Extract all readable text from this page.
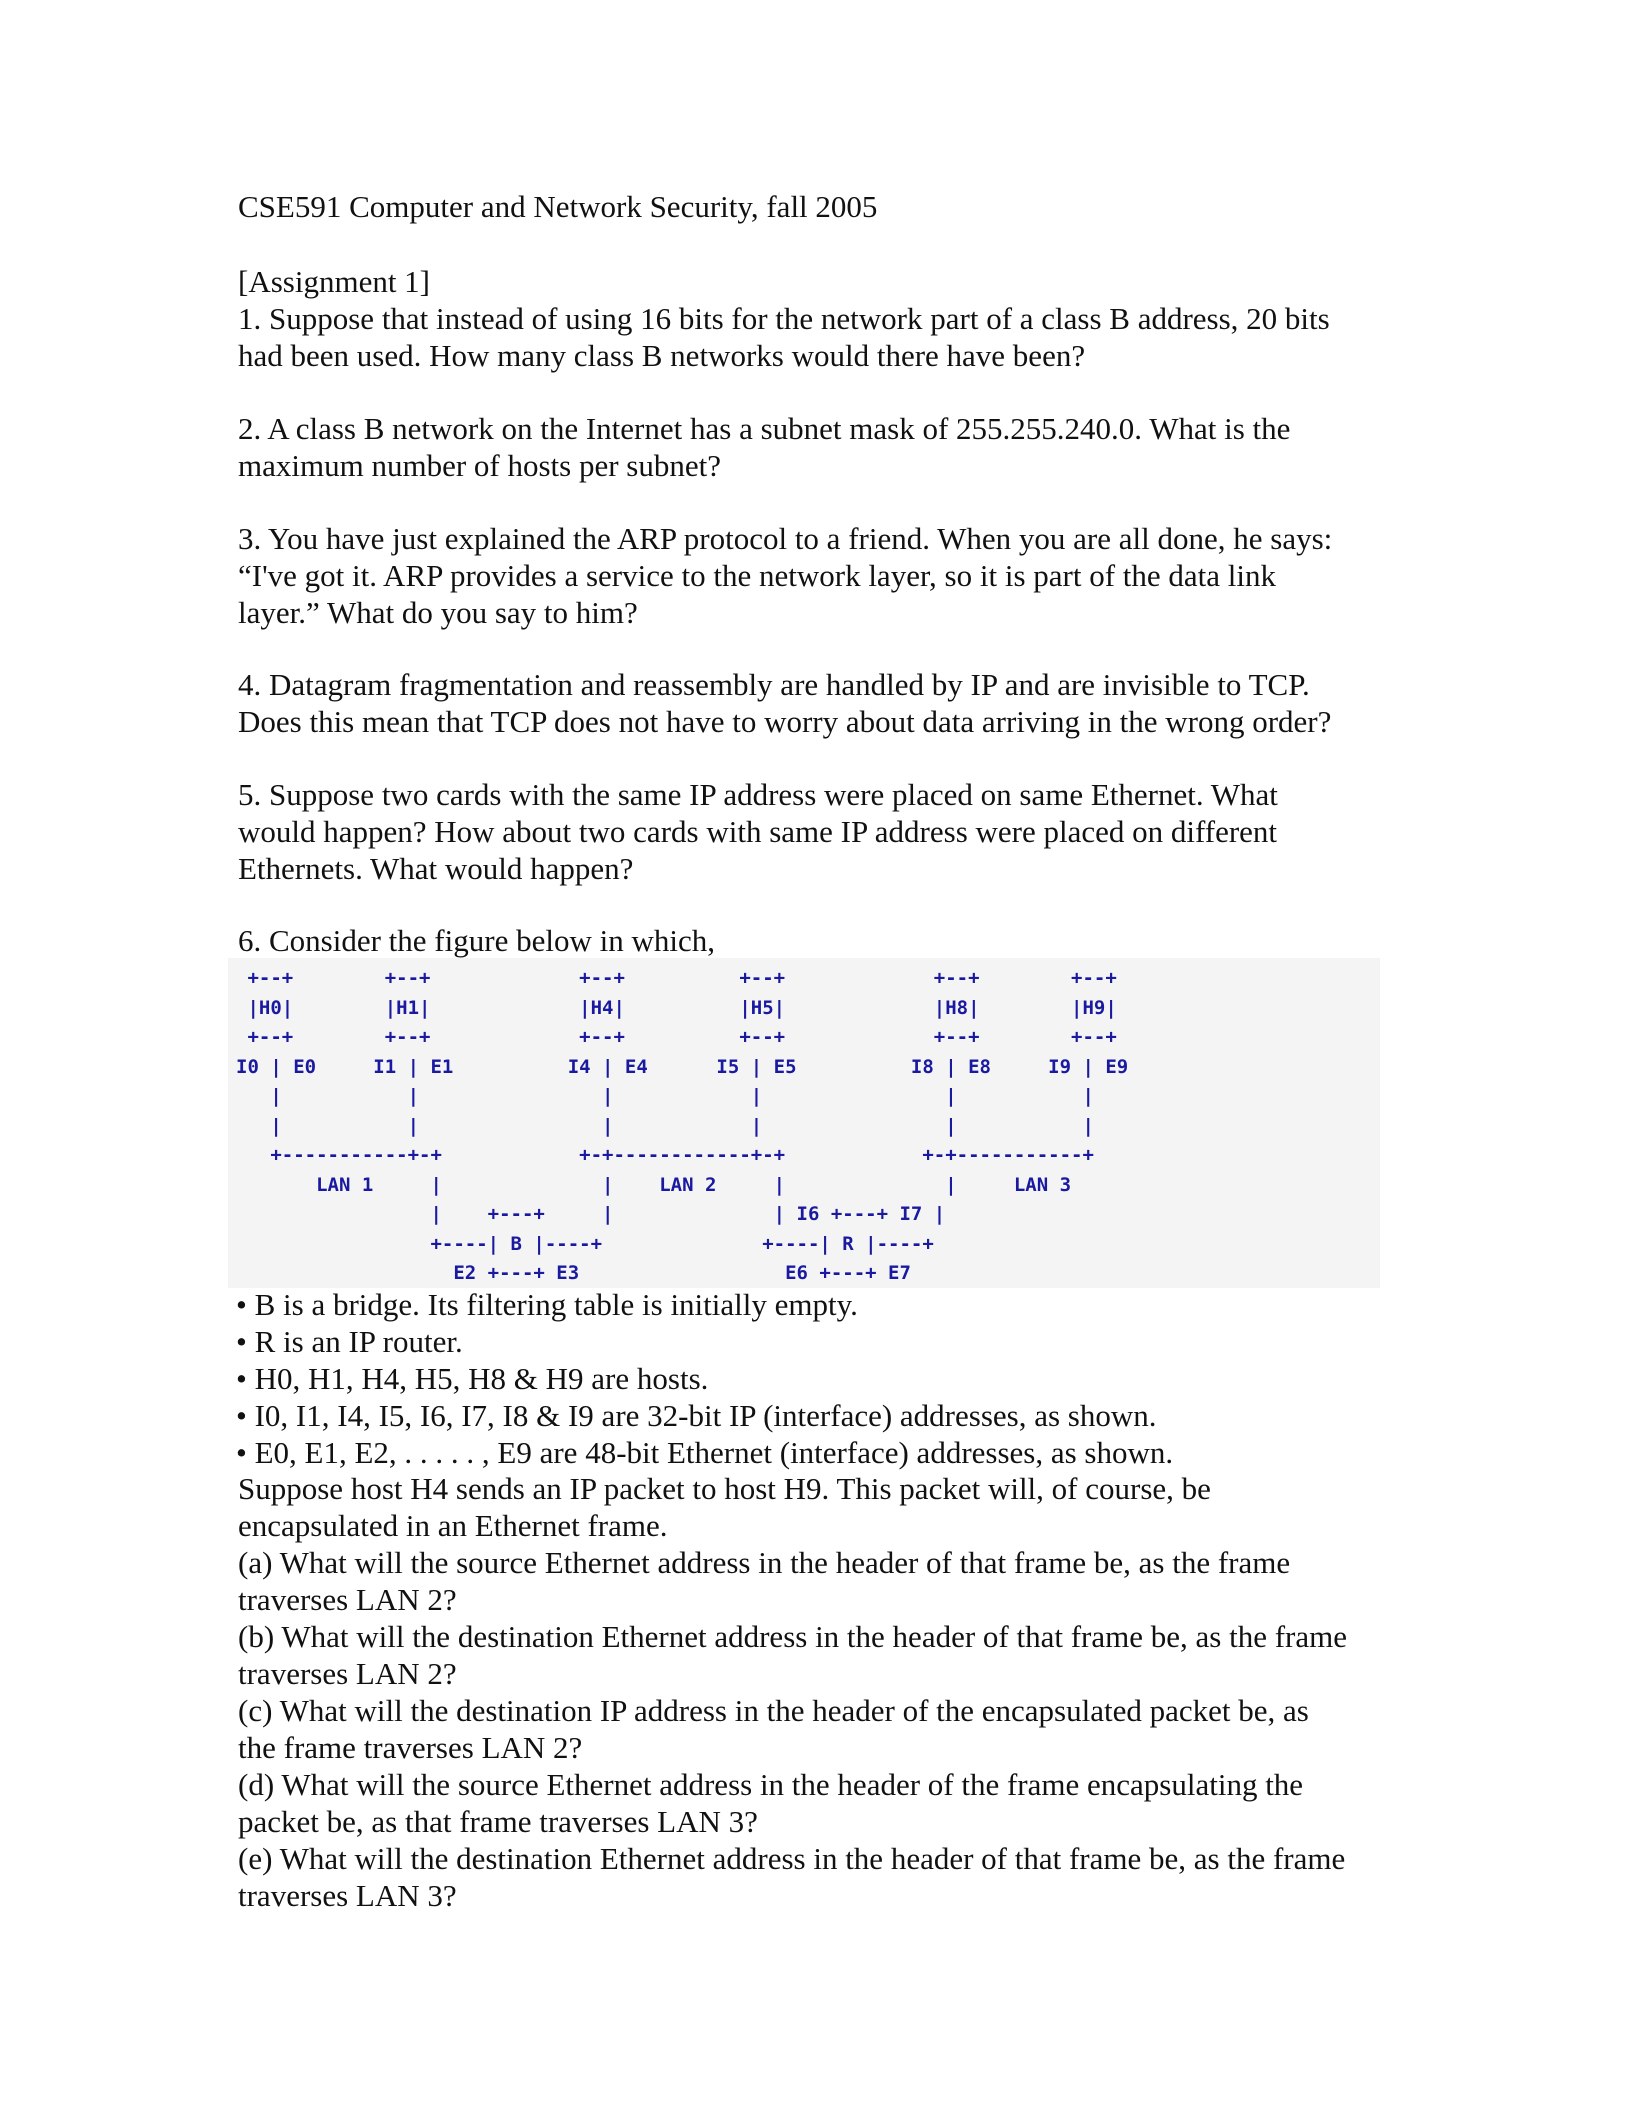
CSE591 Computer and Network Security, fall 2005
[Assignment 1]
1. Suppose that instead of using 16 bits for the network part of a class B address, 20 bits
had been used. How many class B networks would there have been?
2. A class B network on the Internet has a subnet mask of 255.255.240.0. What is the
maximum number of hosts per subnet?
3. You have just explained the ARP protocol to a friend. When you are all done, he says:
“I've got it. ARP provides a service to the network layer, so it is part of the data link
layer.” What do you say to him?
4. Datagram fragmentation and reassembly are handled by IP and are invisible to TCP.
Does this mean that TCP does not have to worry about data arriving in the wrong order?
5. Suppose two cards with the same IP address were placed on same Ethernet. What
would happen? How about two cards with same IP address were placed on different
Ethernets. What would happen?
6. Consider the figure below in which,
+--+        +--+             +--+          +--+             +--+        +--+
|H0|        |H1|             |H4|          |H5|             |H8|        |H9|
+--+        +--+             +--+          +--+             +--+        +--+
I0 | E0     I1 | E1          I4 | E4      I5 | E5          I8 | E8     I9 | E9
|           |                |            |                |           |
|           |                |            |                |           |
+-----------+-+            +-+------------+-+            +-+-----------+
LAN 1     |              |    LAN 2     |              |     LAN 3
|    +---+     |              | I6 +---+ I7 |
+----| B |----+              +----| R |----+
E2 +---+ E3                  E6 +---+ E7
• B is a bridge. Its filtering table is initially empty.
• R is an IP router.
• H0, H1, H4, H5, H8 & H9 are hosts.
• I0, I1, I4, I5, I6, I7, I8 & I9 are 32-bit IP (interface) addresses, as shown.
• E0, E1, E2, . . . . . , E9 are 48-bit Ethernet (interface) addresses, as shown.
Suppose host H4 sends an IP packet to host H9. This packet will, of course, be
encapsulated in an Ethernet frame.
(a) What will the source Ethernet address in the header of that frame be, as the frame
traverses LAN 2?
(b) What will the destination Ethernet address in the header of that frame be, as the frame
traverses LAN 2?
(c) What will the destination IP address in the header of the encapsulated packet be, as
the frame traverses LAN 2?
(d) What will the source Ethernet address in the header of the frame encapsulating the
packet be, as that frame traverses LAN 3?
(e) What will the destination Ethernet address in the header of that frame be, as the frame
traverses LAN 3?
